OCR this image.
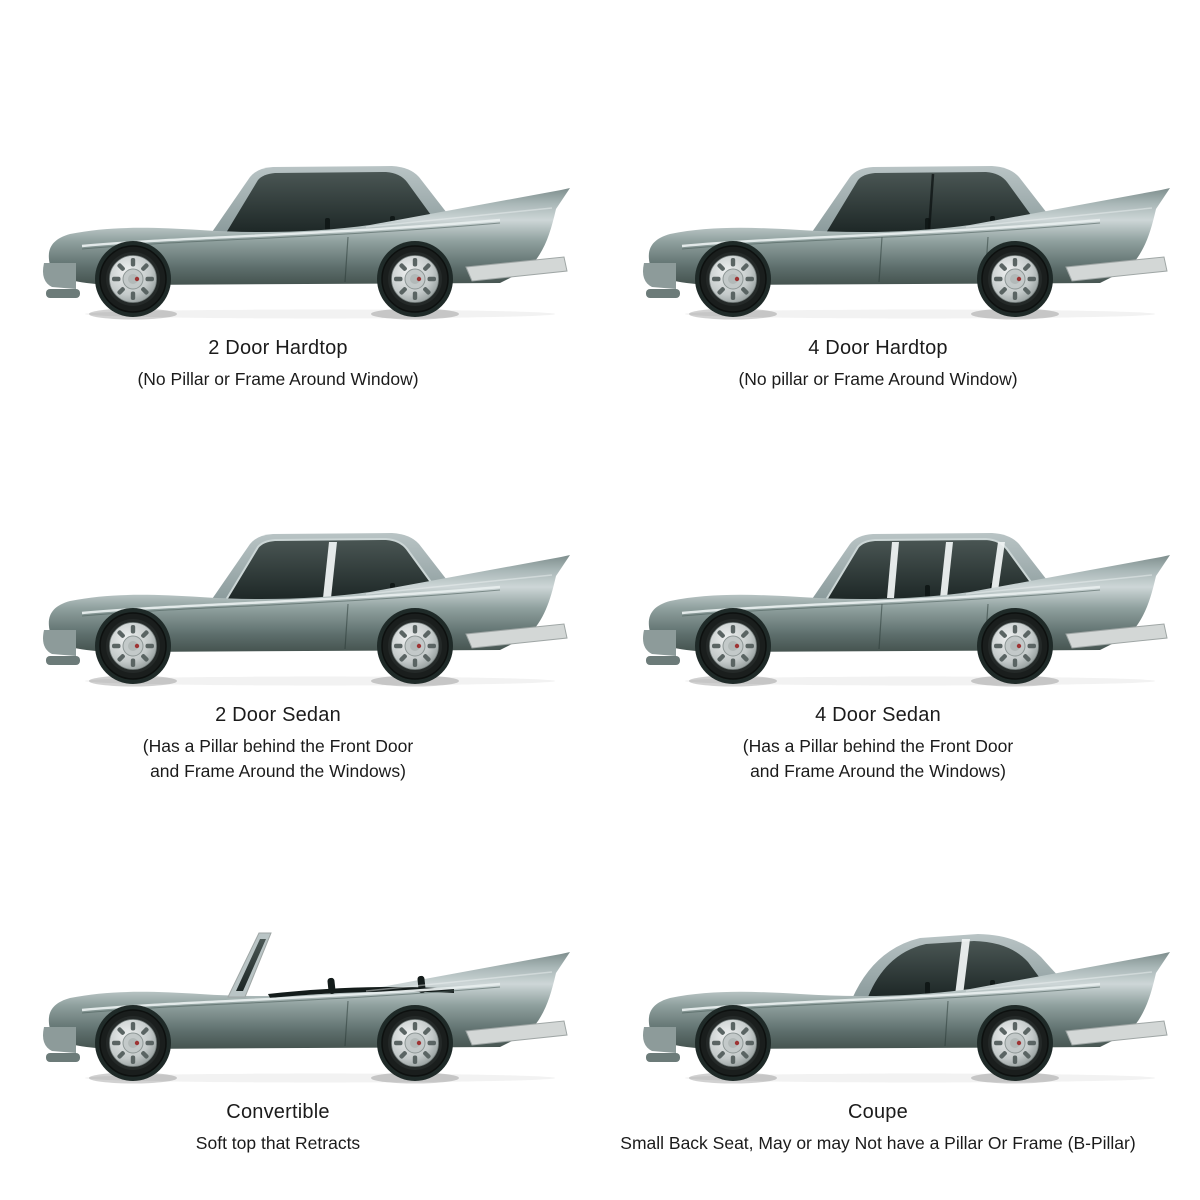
2 Door Hardtop
(No Pillar or Frame Around Window)
4 Door Hardtop
(No pillar or Frame Around Window)
2 Door Sedan
(Has a Pillar behind the Front Door
and Frame Around the Windows)
4 Door Sedan
(Has a Pillar behind the Front Door
and Frame Around the Windows)
Convertible
Soft top that Retracts
Coupe
Small Back Seat, May or may Not have a Pillar Or Frame (B-Pillar)
